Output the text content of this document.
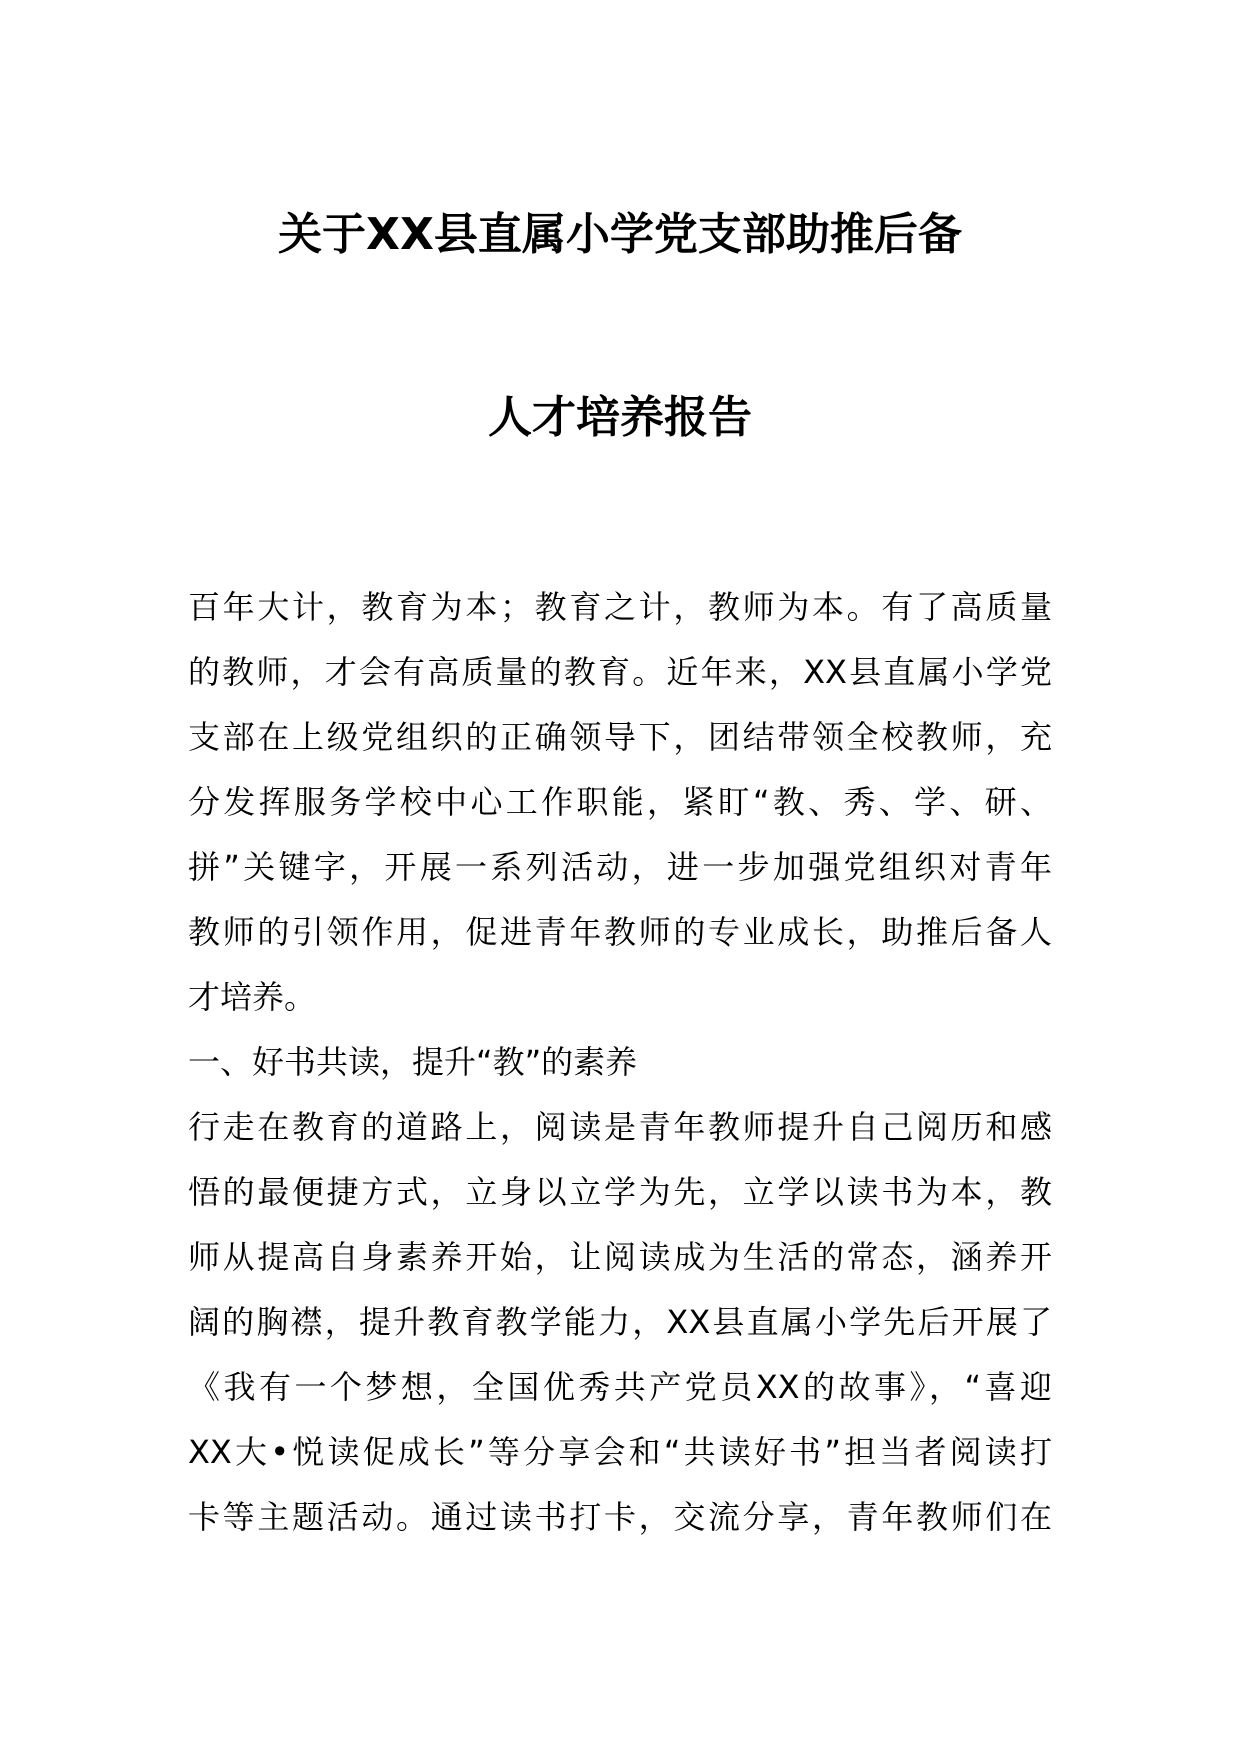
关于XX县直属小学党支部助推后备
人才培养报告
百年大计，教育为本；教育之计，教师为本。有了高质量
的教师，才会有高质量的教育。近年来，XX县直属小学党
支部在上级党组织的正确领导下，团结带领全校教师，充
分发挥服务学校中心工作职能，紧盯“教、秀、学、研、
拼”关键字，开展一系列活动，进一步加强党组织对青年
教师的引领作用，促进青年教师的专业成长，助推后备人
才培养。
一、好书共读，提升“教”的素养
行走在教育的道路上，阅读是青年教师提升自己阅历和感
悟的最便捷方式，立身以立学为先，立学以读书为本，教
师从提高自身素养开始，让阅读成为生活的常态，涵养开
阔的胸襟，提升教育教学能力，XX县直属小学先后开展了
《我有一个梦想，全国优秀共产党员XX的故事》，“喜迎
XX大•悦读促成长”等分享会和“共读好书”担当者阅读打
卡等主题活动。通过读书打卡，交流分享，青年教师们在
